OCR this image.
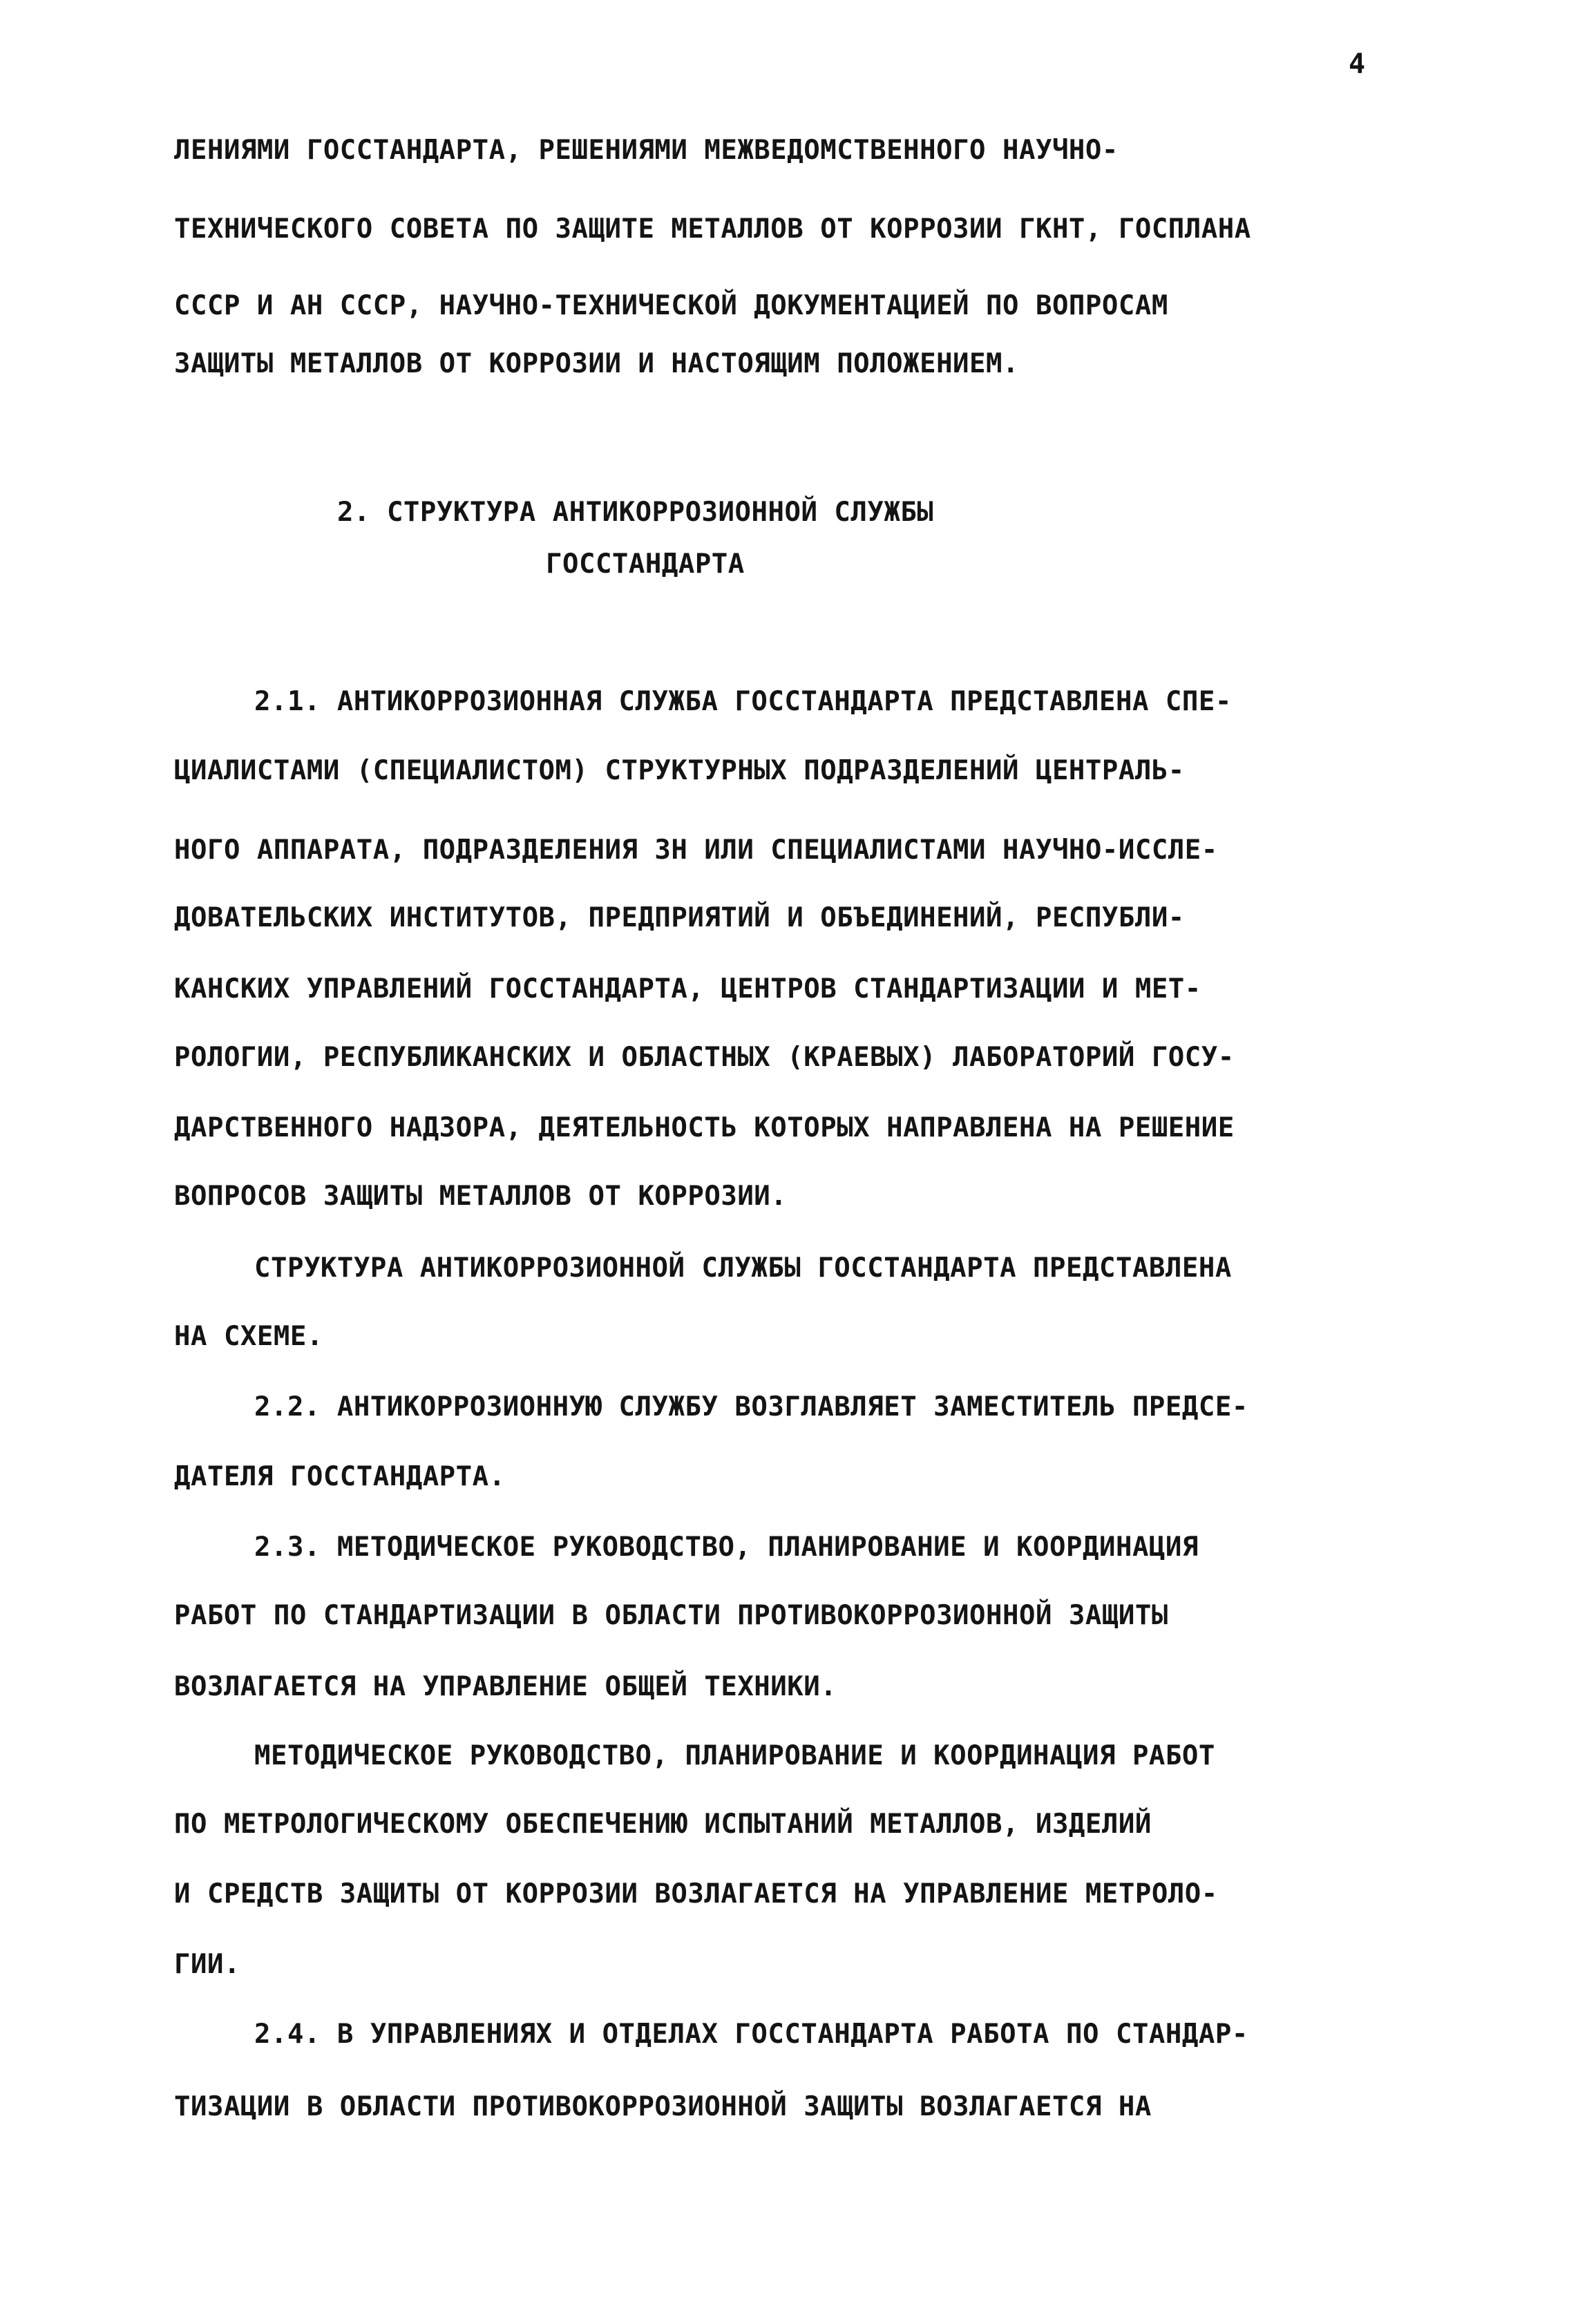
4
ЛЕНИЯМИ ГОССТАНДАРТА, РЕШЕНИЯМИ МЕЖВЕДОМСТВЕННОГО НАУЧНО-
ТЕХНИЧЕСКОГО СОВЕТА ПО ЗАЩИТЕ МЕТАЛЛОВ ОТ КОРРОЗИИ ГКНТ, ГОСПЛАНА
СССР И АН СССР, НАУЧНО-ТЕХНИЧЕСКОЙ ДОКУМЕНТАЦИЕЙ ПО ВОПРОСАМ
ЗАЩИТЫ МЕТАЛЛОВ ОТ КОРРОЗИИ И НАСТОЯЩИМ ПОЛОЖЕНИЕМ.
2. СТРУКТУРА АНТИКОРРОЗИОННОЙ СЛУЖБЫ
ГОССТАНДАРТА
2.1. АНТИКОРРОЗИОННАЯ СЛУЖБА ГОССТАНДАРТА ПРЕДСТАВЛЕНА СПЕ-
ЦИАЛИСТАМИ (СПЕЦИАЛИСТОМ) СТРУКТУРНЫХ ПОДРАЗДЕЛЕНИЙ ЦЕНТРАЛЬ-
НОГО АППАРАТА, ПОДРАЗДЕЛЕНИЯ ЗН ИЛИ СПЕЦИАЛИСТАМИ НАУЧНО-ИССЛЕ-
ДОВАТЕЛЬСКИХ ИНСТИТУТОВ, ПРЕДПРИЯТИЙ И ОБЪЕДИНЕНИЙ, РЕСПУБЛИ-
КАНСКИХ УПРАВЛЕНИЙ ГОССТАНДАРТА, ЦЕНТРОВ СТАНДАРТИЗАЦИИ И МЕТ-
РОЛОГИИ, РЕСПУБЛИКАНСКИХ И ОБЛАСТНЫХ (КРАЕВЫХ) ЛАБОРАТОРИЙ ГОСУ-
ДАРСТВЕННОГО НАДЗОРА, ДЕЯТЕЛЬНОСТЬ КОТОРЫХ НАПРАВЛЕНА НА РЕШЕНИЕ
ВОПРОСОВ ЗАЩИТЫ МЕТАЛЛОВ ОТ КОРРОЗИИ.
СТРУКТУРА АНТИКОРРОЗИОННОЙ СЛУЖБЫ ГОССТАНДАРТА ПРЕДСТАВЛЕНА
НА СХЕМЕ.
2.2. АНТИКОРРОЗИОННУЮ СЛУЖБУ ВОЗГЛАВЛЯЕТ ЗАМЕСТИТЕЛЬ ПРЕДСЕ-
ДАТЕЛЯ ГОССТАНДАРТА.
2.3. МЕТОДИЧЕСКОЕ РУКОВОДСТВО, ПЛАНИРОВАНИЕ И КООРДИНАЦИЯ
РАБОТ ПО СТАНДАРТИЗАЦИИ В ОБЛАСТИ ПРОТИВОКОРРОЗИОННОЙ ЗАЩИТЫ
ВОЗЛАГАЕТСЯ НА УПРАВЛЕНИЕ ОБЩЕЙ ТЕХНИКИ.
МЕТОДИЧЕСКОЕ РУКОВОДСТВО, ПЛАНИРОВАНИЕ И КООРДИНАЦИЯ РАБОТ
ПО МЕТРОЛОГИЧЕСКОМУ ОБЕСПЕЧЕНИЮ ИСПЫТАНИЙ МЕТАЛЛОВ, ИЗДЕЛИЙ
И СРЕДСТВ ЗАЩИТЫ ОТ КОРРОЗИИ ВОЗЛАГАЕТСЯ НА УПРАВЛЕНИЕ МЕТРОЛО-
ГИИ.
2.4. В УПРАВЛЕНИЯХ И ОТДЕЛАХ ГОССТАНДАРТА РАБОТА ПО СТАНДАР-
ТИЗАЦИИ В ОБЛАСТИ ПРОТИВОКОРРОЗИОННОЙ ЗАЩИТЫ ВОЗЛАГАЕТСЯ НА
